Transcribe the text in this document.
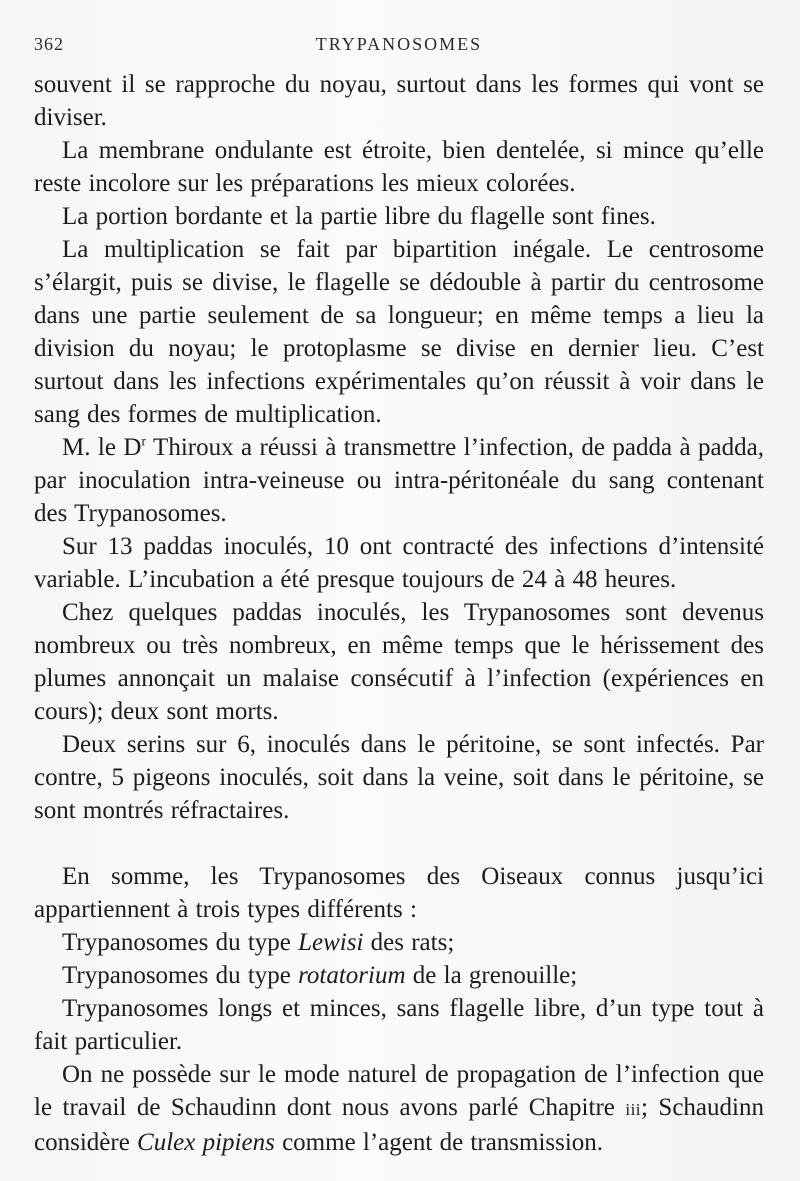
362	TRYPANOSOMES

souvent il se rapproche du noyau, surtout dans les formes qui vont se diviser.

La membrane ondulante est étroite, bien dentelée, si mince qu’elle reste incolore sur les préparations les mieux colorées.

La portion bordante et la partie libre du flagelle sont fines.

La multiplication se fait par bipartition inégale. Le centrosome s’élargit, puis se divise, le flagelle se dédouble à partir du centrosome dans une partie seulement de sa longueur; en même temps a lieu la division du noyau; le protoplasme se divise en dernier lieu. C’est surtout dans les infections expérimentales qu’on réussit à voir dans le sang des formes de multiplication.

M. le $D^r$ Thiroux a réussi à transmettre l’infection, de padda à padda, par inoculation intra-veineuse ou intra-péritonéale du sang contenant des Trypanosomes.

Sur 13 paddas inoculés, 10 ont contracté des infections d’intensité variable. L’incubation a été presque toujours de 24 à 48 heures.

Chez quelques paddas inoculés, les Trypanosomes sont devenus nombreux ou très nombreux, en même temps que le hérissement des plumes annonçait un malaise consécutif à l’infection (expériences en cours); deux sont morts.

Deux serins sur 6, inoculés dans le péritoine, se sont infectés. Par contre, 5 pigeons inoculés, soit dans la veine, soit dans le péritoine, se sont montrés réfractaires.

En somme, les Trypanosomes des Oiseaux connus jusqu’ici appartiennent à trois types différents :

Trypanosomes du type Lewisi des rats;

Trypanosomes du type rotatorium de la grenouille;

Trypanosomes longs et minces, sans flagelle libre, d’un type tout à fait particulier.

On ne possède sur le mode naturel de propagation de l’infection que le travail de Schaudinn dont nous avons parlé Chapitre iii; Schaudinn considère Culex pipiens comme l’agent de transmission.
